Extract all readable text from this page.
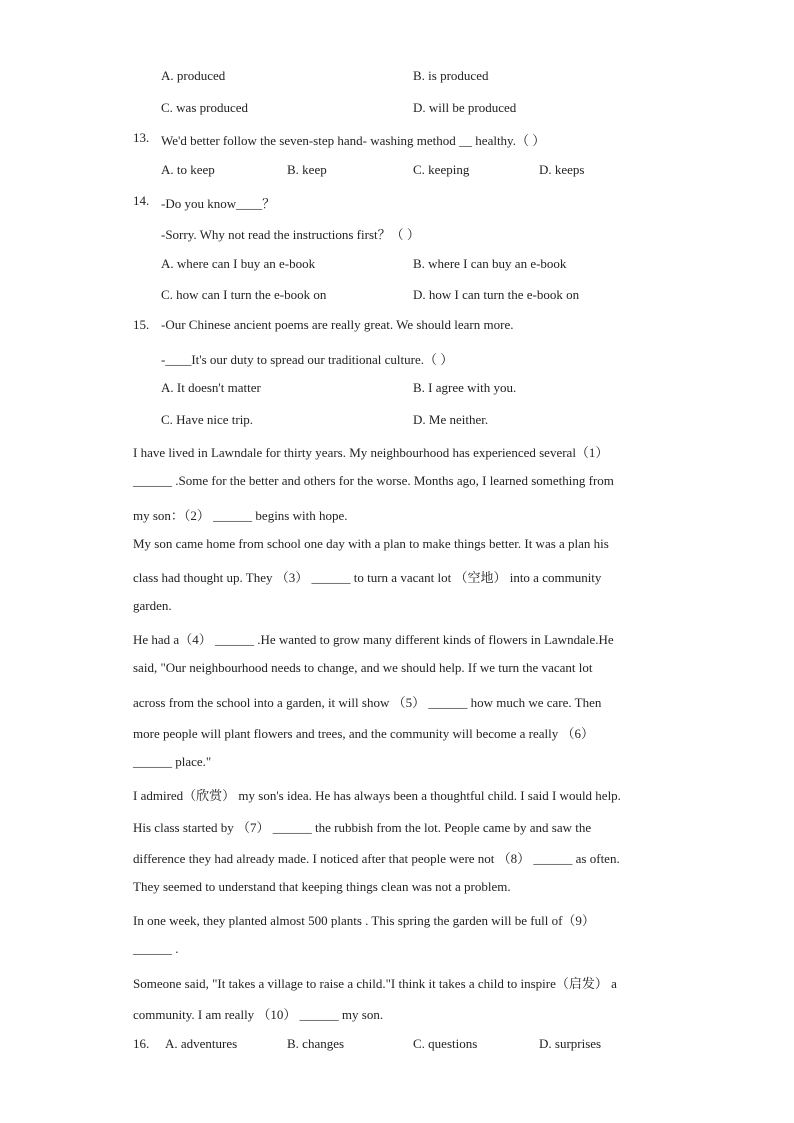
A. produced	B. is produced
C. was produced	D. will be produced
13. We'd better follow the seven-step hand- washing method __ healthy.（ ）
A. to keep	B. keep	C. keeping	D. keeps
14. -Do you know____？
-Sorry. Why not read the instructions first？（ ）
A. where can I buy an e-book	B. where I can buy an e-book
C. how can I turn the e-book on	D. how I can turn the e-book on
15. -Our Chinese ancient poems are really great. We should learn more.
-____It's our duty to spread our traditional culture.（ ）
A. It doesn't matter	B. I agree with you.
C. Have nice trip.	D. Me neither.
I have lived in Lawndale for thirty years. My neighbourhood has experienced several（1）
______ .Some for the better and others for the worse. Months ago, I learned something from
my son：（2） ______ begins with hope.
My son came home from school one day with a plan to make things better. It was a plan his
class had thought up. They （3） ______ to turn a vacant lot （空地） into a community
garden.
He had a（4） ______ .He wanted to grow many different kinds of flowers in Lawndale.He
said, "Our neighbourhood needs to change, and we should help. If we turn the vacant lot
across from the school into a garden, it will show （5） ______ how much we care. Then
more people will plant flowers and trees, and the community will become a really （6）
______ place."
I admired（欣赏） my son's idea. He has always been a thoughtful child. I said I would help.
His class started by （7） ______ the rubbish from the lot. People came by and saw the
difference they had already made. I noticed after that people were not （8） ______ as often.
They seemed to understand that keeping things clean was not a problem.
In one week, they planted almost 500 plants . This spring the garden will be full of（9）
______ .
Someone said, "It takes a village to raise a child."I think it takes a child to inspire（启发） a
community. I am really （10） ______ my son.
16. A. adventures	B. changes	C. questions	D. surprises
